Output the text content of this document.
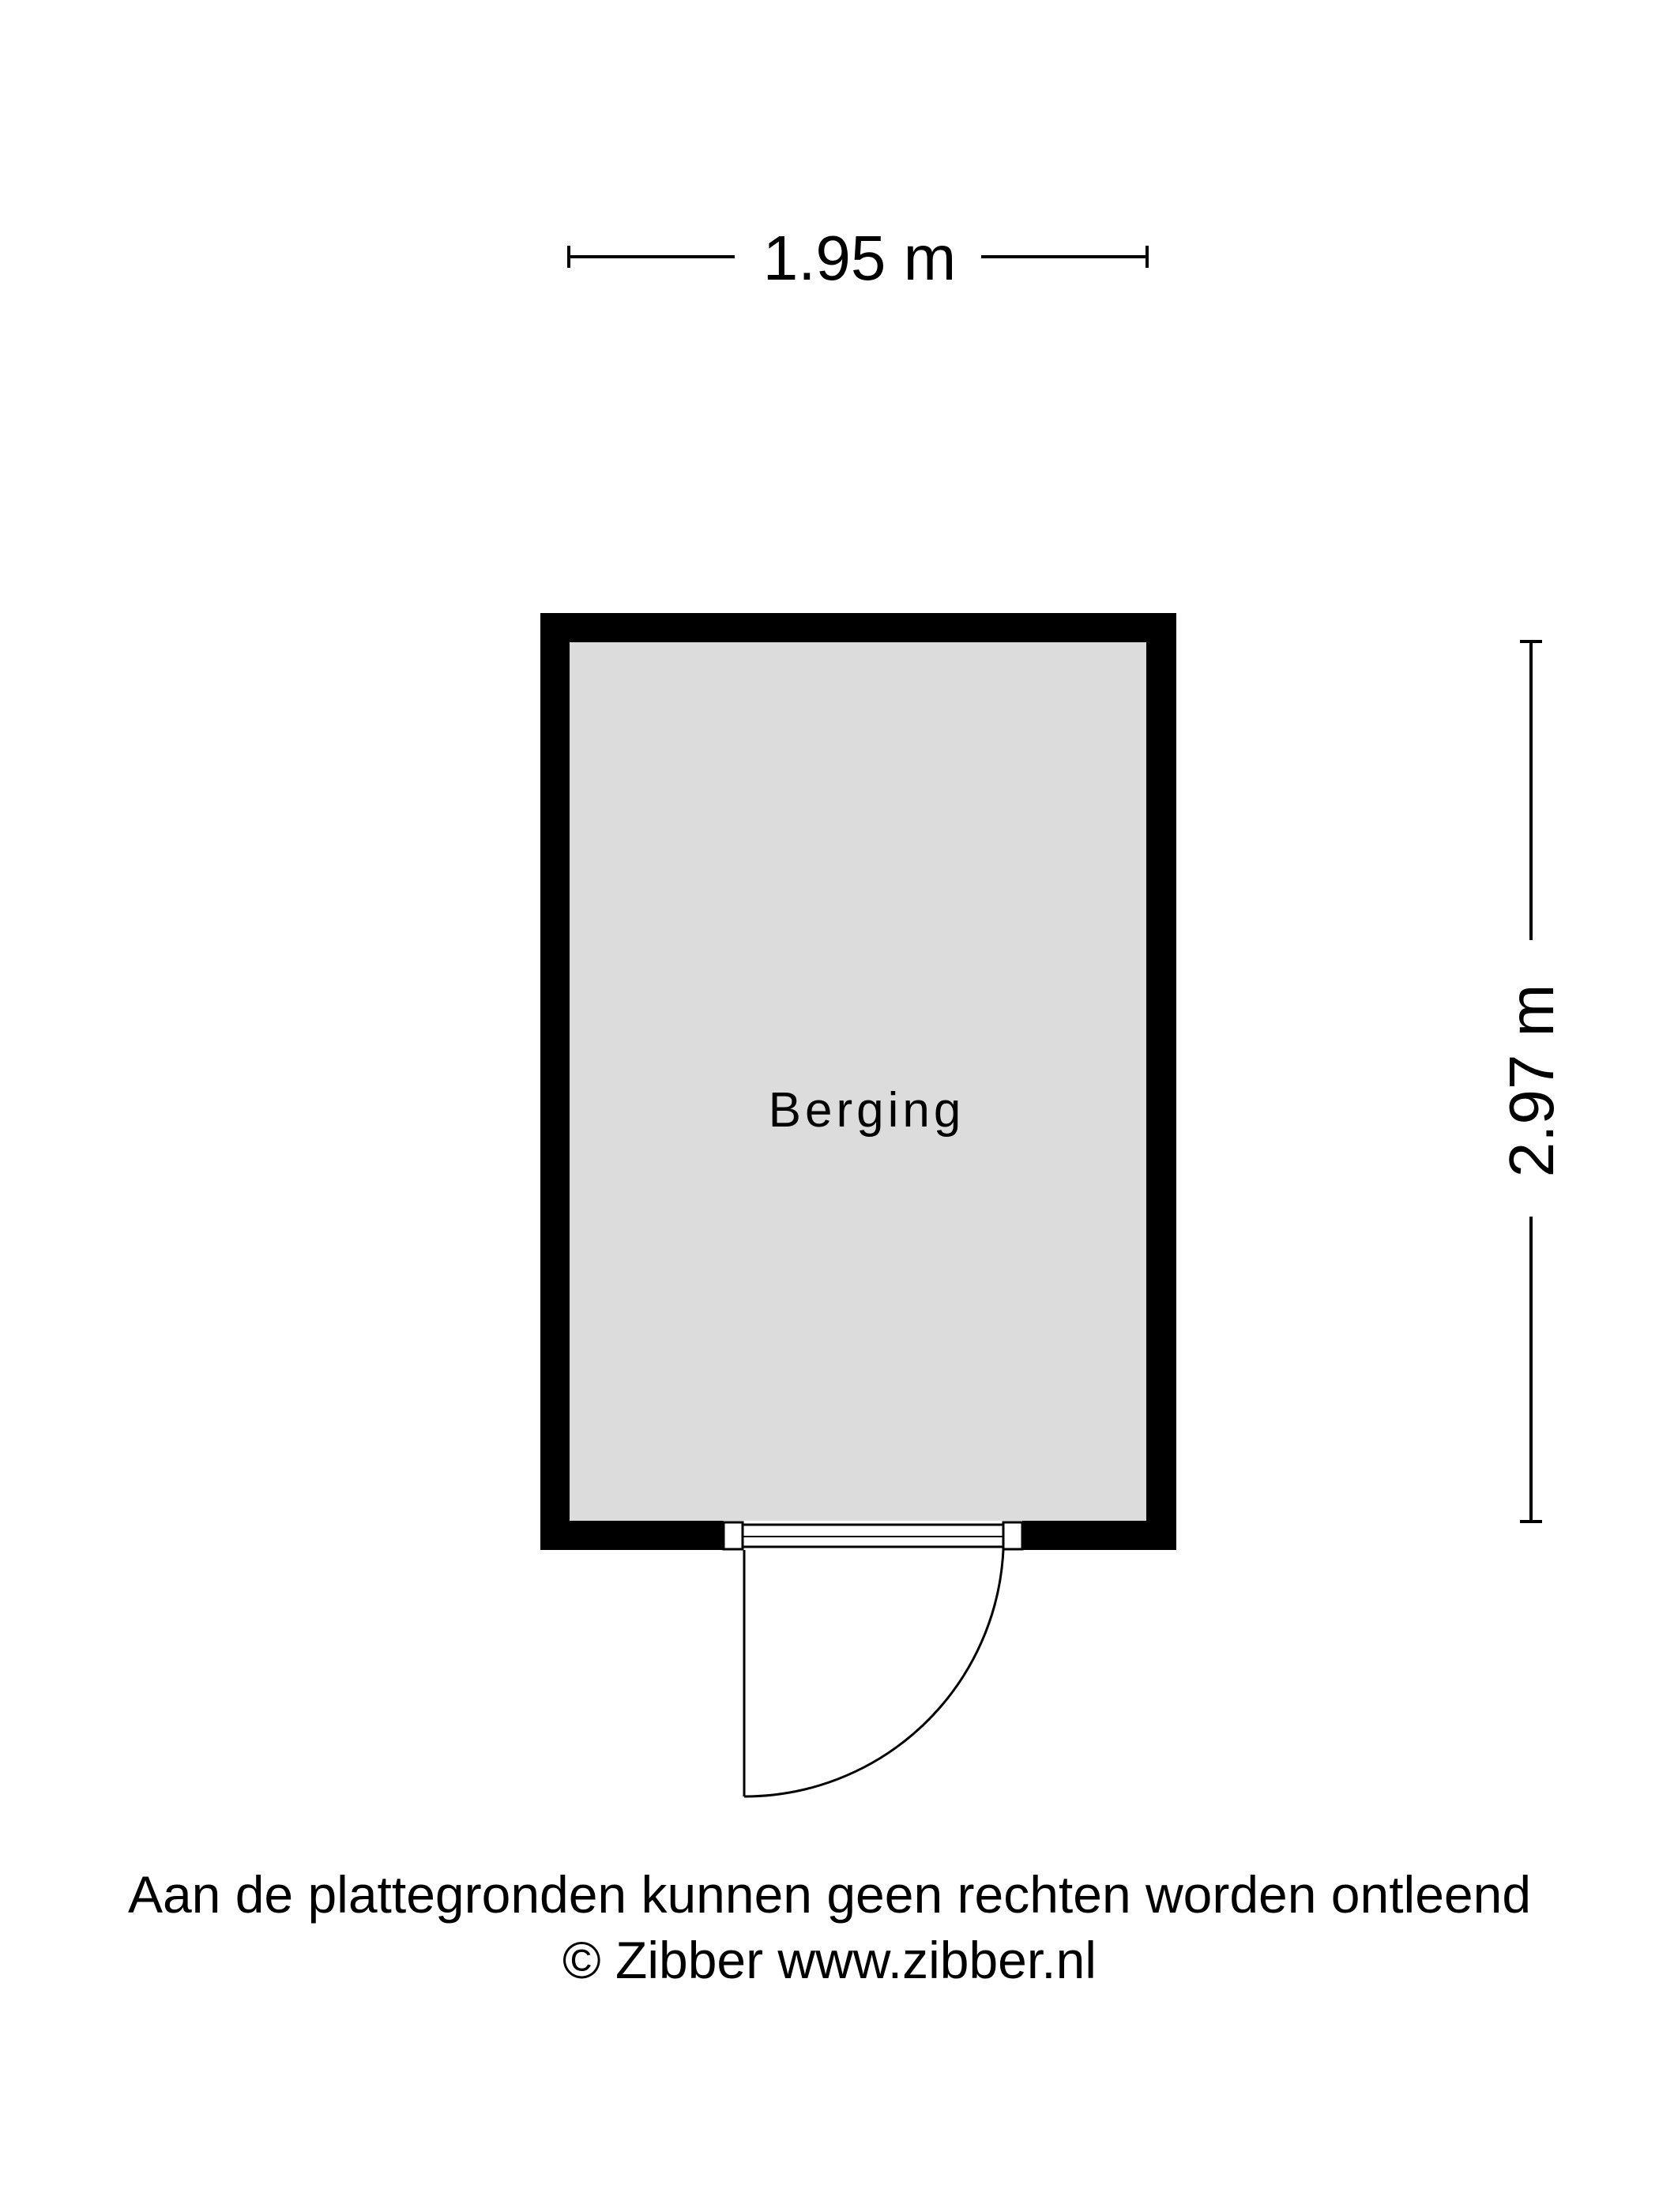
1.95 m
2.97 m
Berging
Aan de plattegronden kunnen geen rechten worden ontleend
© Zibber www.zibber.nl
